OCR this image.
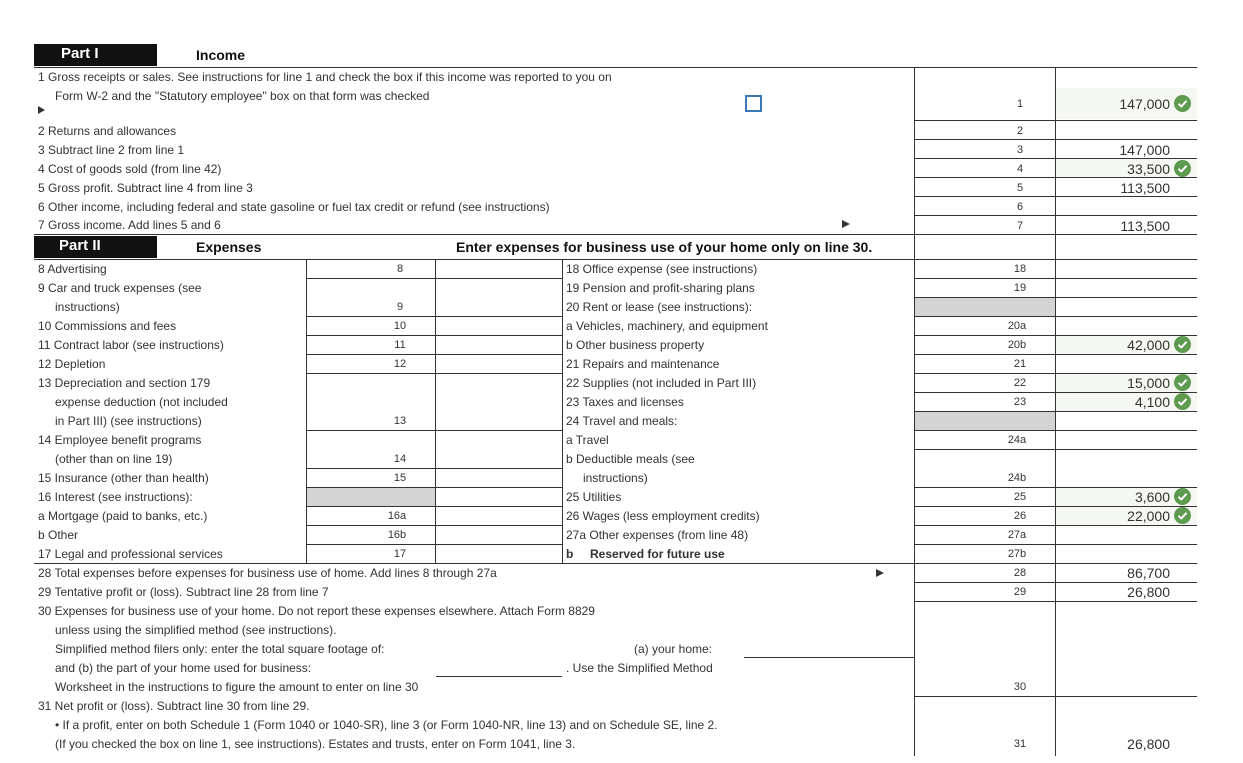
Part I	Income
1 Gross receipts or sales. See instructions for line 1 and check the box if this income was reported to you on
Form W-2 and the "Statutory employee" box on that form was checked
1	147,000
2 Returns and allowances	2
3 Subtract line 2 from line 1	3	147,000
4 Cost of goods sold (from line 42)	4	33,500
5 Gross profit. Subtract line 4 from line 3	5	113,500
6 Other income, including federal and state gasoline or fuel tax credit or refund (see instructions)	6
7 Gross income. Add lines 5 and 6	7	113,500
Part II	Expenses	Enter expenses for business use of your home only on line 30.
8 Advertising	8
9 Car and truck expenses (see
instructions)	9
10 Commissions and fees	10
11 Contract labor (see instructions)	11
12 Depletion	12
13 Depreciation and section 179
expense deduction (not included
in Part III) (see instructions)	13
14 Employee benefit programs
(other than on line 19)	14
15 Insurance (other than health)	15
16 Interest (see instructions):
a Mortgage (paid to banks, etc.)	16a
b Other	16b
17 Legal and professional services	17
18 Office expense (see instructions)	18
19 Pension and profit-sharing plans	19
20 Rent or lease (see instructions):
a Vehicles, machinery, and equipment	20a
b Other business property	20b	42,000
21 Repairs and maintenance	21
22 Supplies (not included in Part III)	22	15,000
23 Taxes and licenses	23	4,100
24 Travel and meals:
a Travel	24a
b Deductible meals (see
instructions)	24b
25 Utilities	25	3,600
26 Wages (less employment credits)	26	22,000
27a Other expenses (from line 48)	27a
b Reserved for future use	27b
28 Total expenses before expenses for business use of home. Add lines 8 through 27a	28	86,700
29 Tentative profit or (loss). Subtract line 28 from line 7	29	26,800
30 Expenses for business use of your home. Do not report these expenses elsewhere. Attach Form 8829
unless using the simplified method (see instructions).
Simplified method filers only: enter the total square footage of:	(a) your home:
and (b) the part of your home used for business:	. Use the Simplified Method
Worksheet in the instructions to figure the amount to enter on line 30	30
31 Net profit or (loss). Subtract line 30 from line 29.
• If a profit, enter on both Schedule 1 (Form 1040 or 1040-SR), line 3 (or Form 1040-NR, line 13) and on Schedule SE, line 2.
(If you checked the box on line 1, see instructions). Estates and trusts, enter on Form 1041, line 3.	31	26,800
